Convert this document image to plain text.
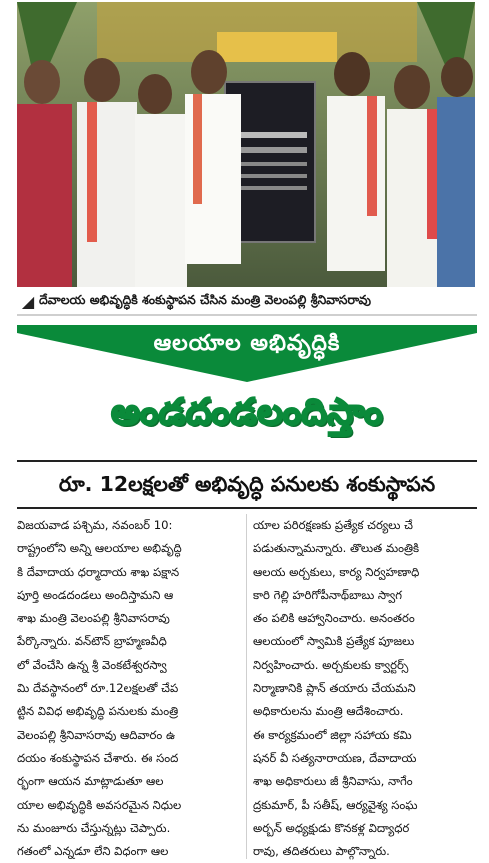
◢ దేవాలయ అభివృద్ధికి శంకుస్థాపన చేసిన మంత్రి వెలంపల్లి శ్రీనివాసరావు
ఆలయాల అభివృద్ధికి
అండదండలందిస్తాం
రూ. 12లక్షలతో అభివృద్ధి పనులకు శంకుస్థాపన
విజయవాడ పశ్చిమ, నవంబర్ 10:
రాష్ట్రంలోని అన్ని ఆలయాల అభివృద్ధి
కి దేవాదాయ ధర్మాదాయ శాఖ పక్షాన
పూర్తి అండదండలు అందిస్తామని ఆ
శాఖ మంత్రి వెలంపల్లి శ్రీనివాసరావు
పేర్కొన్నారు. వన్‌టౌన్ బ్రాహ్మణవీధి
లో వేంచేసి ఉన్న శ్రీ వెంకటేశ్వరస్వా
మి దేవస్థానంలో రూ.12లక్షలతో చేప
ట్టిన వివిధ అభివృద్ధి పనులకు మంత్రి
వెలంపల్లి శ్రీనివాసరావు ఆదివారం ఉ
దయం శంకుస్థాపన చేశారు. ఈ సంద
ర్భంగా ఆయన మాట్లాడుతూ ఆల
యాల అభివృద్ధికి అవసరమైన నిధుల
ను మంజూరు చేస్తున్నట్లు చెప్పారు.
గతంలో ఎన్నడూ లేని విధంగా ఆల
యాల పరిరక్షణకు ప్రత్యేక చర్యలు చే
పడుతున్నామన్నారు. తొలుత మంత్రికి
ఆలయ అర్చకులు, కార్య నిర్వహణాధి
కారి గెల్లి హరిగోపీనాథ్‌బాబు స్వాగ
తం పలికి ఆహ్వానించారు. అనంతరం
ఆలయంలో స్వామికి ప్రత్యేక పూజలు
నిర్వహించారు. అర్చకులకు క్వార్టర్స్
నిర్మాణానికి ప్లాన్ తయారు చేయమని
అధికారులను మంత్రి ఆదేశించారు.
ఈ కార్యక్రమంలో జిల్లా సహాయ కమి
షనర్ వీ సత్యనారాయణ, దేవాదాయ
శాఖ అధికారులు జీ శ్రీనివాసు, నాగేం
ద్రకుమార్, పీ సతీష్, ఆర్యవైశ్య సంఘ
అర్బన్ అధ్యక్షుడు కొనకళ్ల విద్యాధర
రావు, తదితరులు పాల్గొన్నారు.
